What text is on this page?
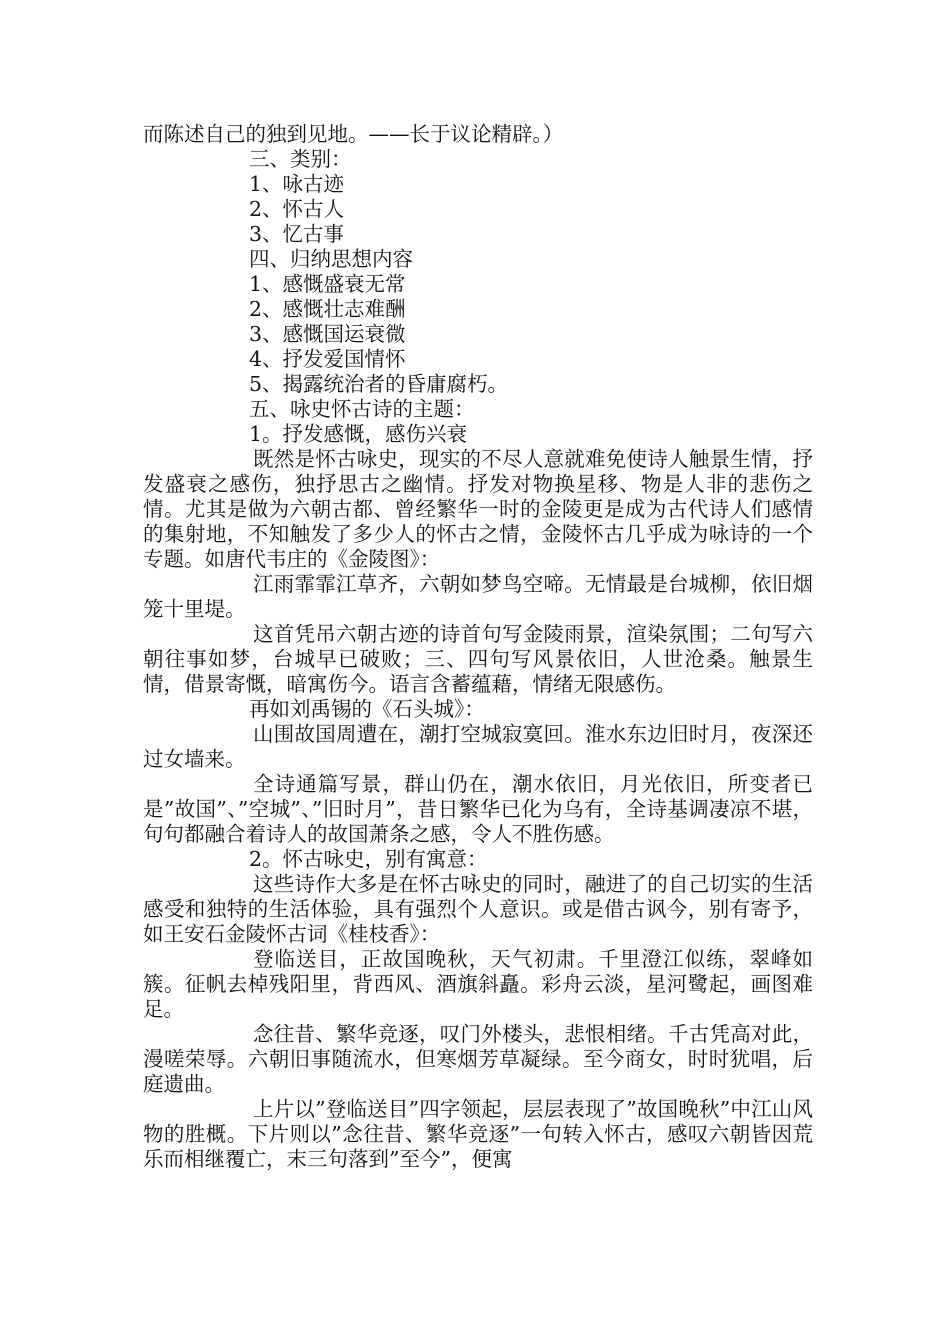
而陈述自己的独到见地。——长于议论精辟。）

三、类别：

1、咏古迹

2、怀古人

3、忆古事

四、归纳思想内容

1、感慨盛衰无常

2、感慨壮志难酬

3、感慨国运衰微

4、抒发爱国情怀

5、揭露统治者的昏庸腐朽。

五、咏史怀古诗的主题：

1。抒发感慨，感伤兴衰

既然是怀古咏史，现实的不尽人意就难免使诗人触景生情，抒发盛衰之感伤，独抒思古之幽情。抒发对物换星移、物是人非的悲伤之情。尤其是做为六朝古都、曾经繁华一时的金陵更是成为古代诗人们感情的集射地，不知触发了多少人的怀古之情，金陵怀古几乎成为咏诗的一个专题。如唐代韦庄的《金陵图》：

江雨霏霏江草齐，六朝如梦鸟空啼。无情最是台城柳，依旧烟笼十里堤。

这首凭吊六朝古迹的诗首句写金陵雨景，渲染氛围；二句写六朝往事如梦，台城早已破败；三、四句写风景依旧，人世沧桑。触景生情，借景寄慨，暗寓伤今。语言含蓄蕴藉，情绪无限感伤。

再如刘禹锡的《石头城》：

山围故国周遭在，潮打空城寂寞回。淮水东边旧时月，夜深还过女墙来。

全诗通篇写景，群山仍在，潮水依旧，月光依旧，所变者已是”故国”、”空城”、”旧时月”，昔日繁华已化为乌有，全诗基调凄凉不堪，句句都融合着诗人的故国萧条之感，令人不胜伤感。

2。怀古咏史，别有寓意：

这些诗作大多是在怀古咏史的同时，融进了的自己切实的生活感受和独特的生活体验，具有强烈个人意识。或是借古讽今，别有寄予，如王安石金陵怀古词《桂枝香》：

登临送目，正故国晚秋，天气初肃。千里澄江似练，翠峰如簇。征帆去棹残阳里，背西风、酒旗斜矗。彩舟云淡，星河鹭起，画图难足。

念往昔、繁华竞逐，叹门外楼头，悲恨相绪。千古凭高对此，漫嗟荣辱。六朝旧事随流水，但寒烟芳草凝绿。至今商女，时时犹唱，后庭遗曲。

上片以”登临送目”四字领起，层层表现了”故国晚秋”中江山风物的胜概。下片则以”念往昔、繁华竞逐”一句转入怀古，感叹六朝皆因荒乐而相继覆亡，末三句落到”至今”，便寓
